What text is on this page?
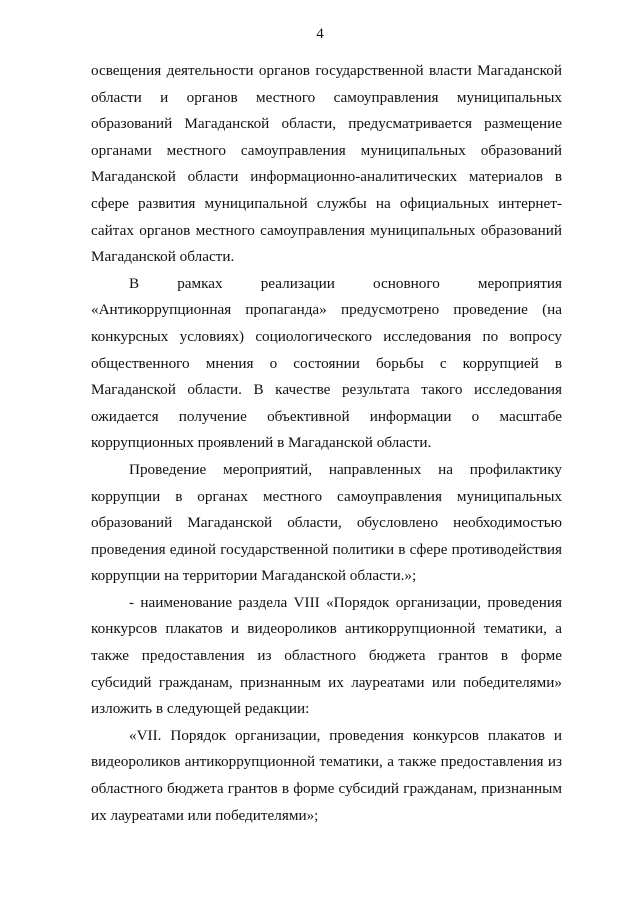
4

освещения деятельности органов государственной власти Магаданской области и органов местного самоуправления муниципальных образований Магаданской области, предусматривается размещение органами местного самоуправления муниципальных образований Магаданской области информационно-аналитических материалов в сфере развития муниципальной службы на официальных интернет-сайтах органов местного самоуправления муниципальных образований Магаданской области.

В рамках реализации основного мероприятия «Антикоррупционная пропаганда» предусмотрено проведение (на конкурсных условиях) социологического исследования по вопросу общественного мнения о состоянии борьбы с коррупцией в Магаданской области. В качестве результата такого исследования ожидается получение объективной информации о масштабе коррупционных проявлений в Магаданской области.

Проведение мероприятий, направленных на профилактику коррупции в органах местного самоуправления муниципальных образований Магаданской области, обусловлено необходимостью проведения единой государственной политики в сфере противодействия коррупции на территории Магаданской области.»;

- наименование раздела VIII «Порядок организации, проведения конкурсов плакатов и видеороликов антикоррупционной тематики, а также предоставления из областного бюджета грантов в форме субсидий гражданам, признанным их лауреатами или победителями» изложить в следующей редакции:

«VII. Порядок организации, проведения конкурсов плакатов и видеороликов антикоррупционной тематики, а также предоставления из областного бюджета грантов в форме субсидий гражданам, признанным их лауреатами или победителями»;
